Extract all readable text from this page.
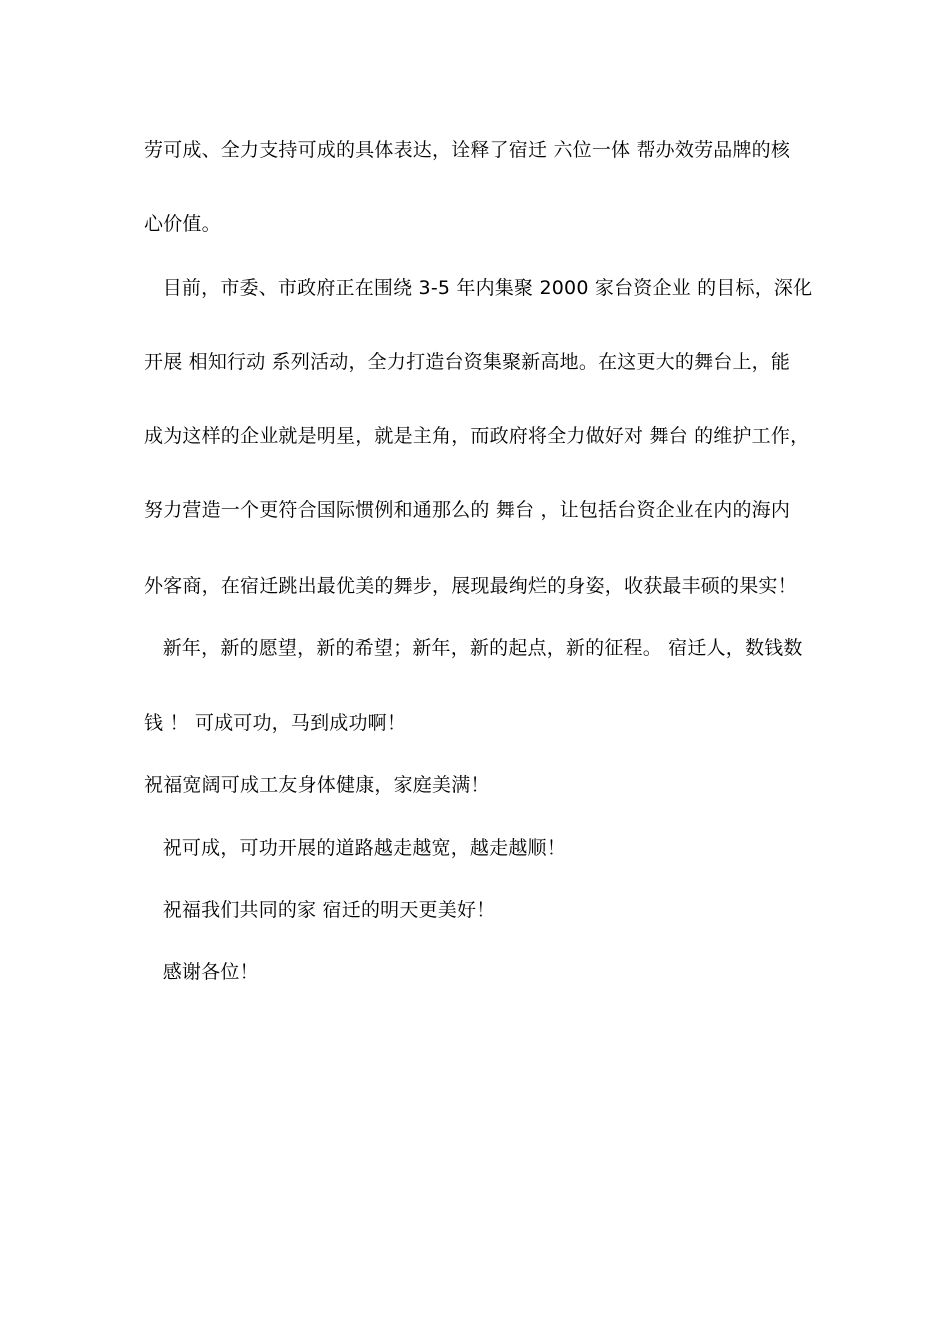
劳可成、全力支持可成的具体表达，诠释了宿迁 六位一体 帮办效劳品牌的核
心价值。
目前，市委、市政府正在围绕 3-5 年内集聚 2000 家台资企业 的目标，深化
开展 相知行动 系列活动，全力打造台资集聚新高地。在这更大的舞台上，能
成为这样的企业就是明星，就是主角，而政府将全力做好对 舞台 的维护工作，
努力营造一个更符合国际惯例和通那么的 舞台 ，让包括台资企业在内的海内
外客商，在宿迁跳出最优美的舞步，展现最绚烂的身姿，收获最丰硕的果实！
新年，新的愿望，新的希望；新年，新的起点，新的征程。 宿迁人，数钱数
钱 ！ 可成可功，马到成功啊！
祝福宽阔可成工友身体健康，家庭美满！
祝可成，可功开展的道路越走越宽，越走越顺！
祝福我们共同的家 宿迁的明天更美好！
感谢各位！
